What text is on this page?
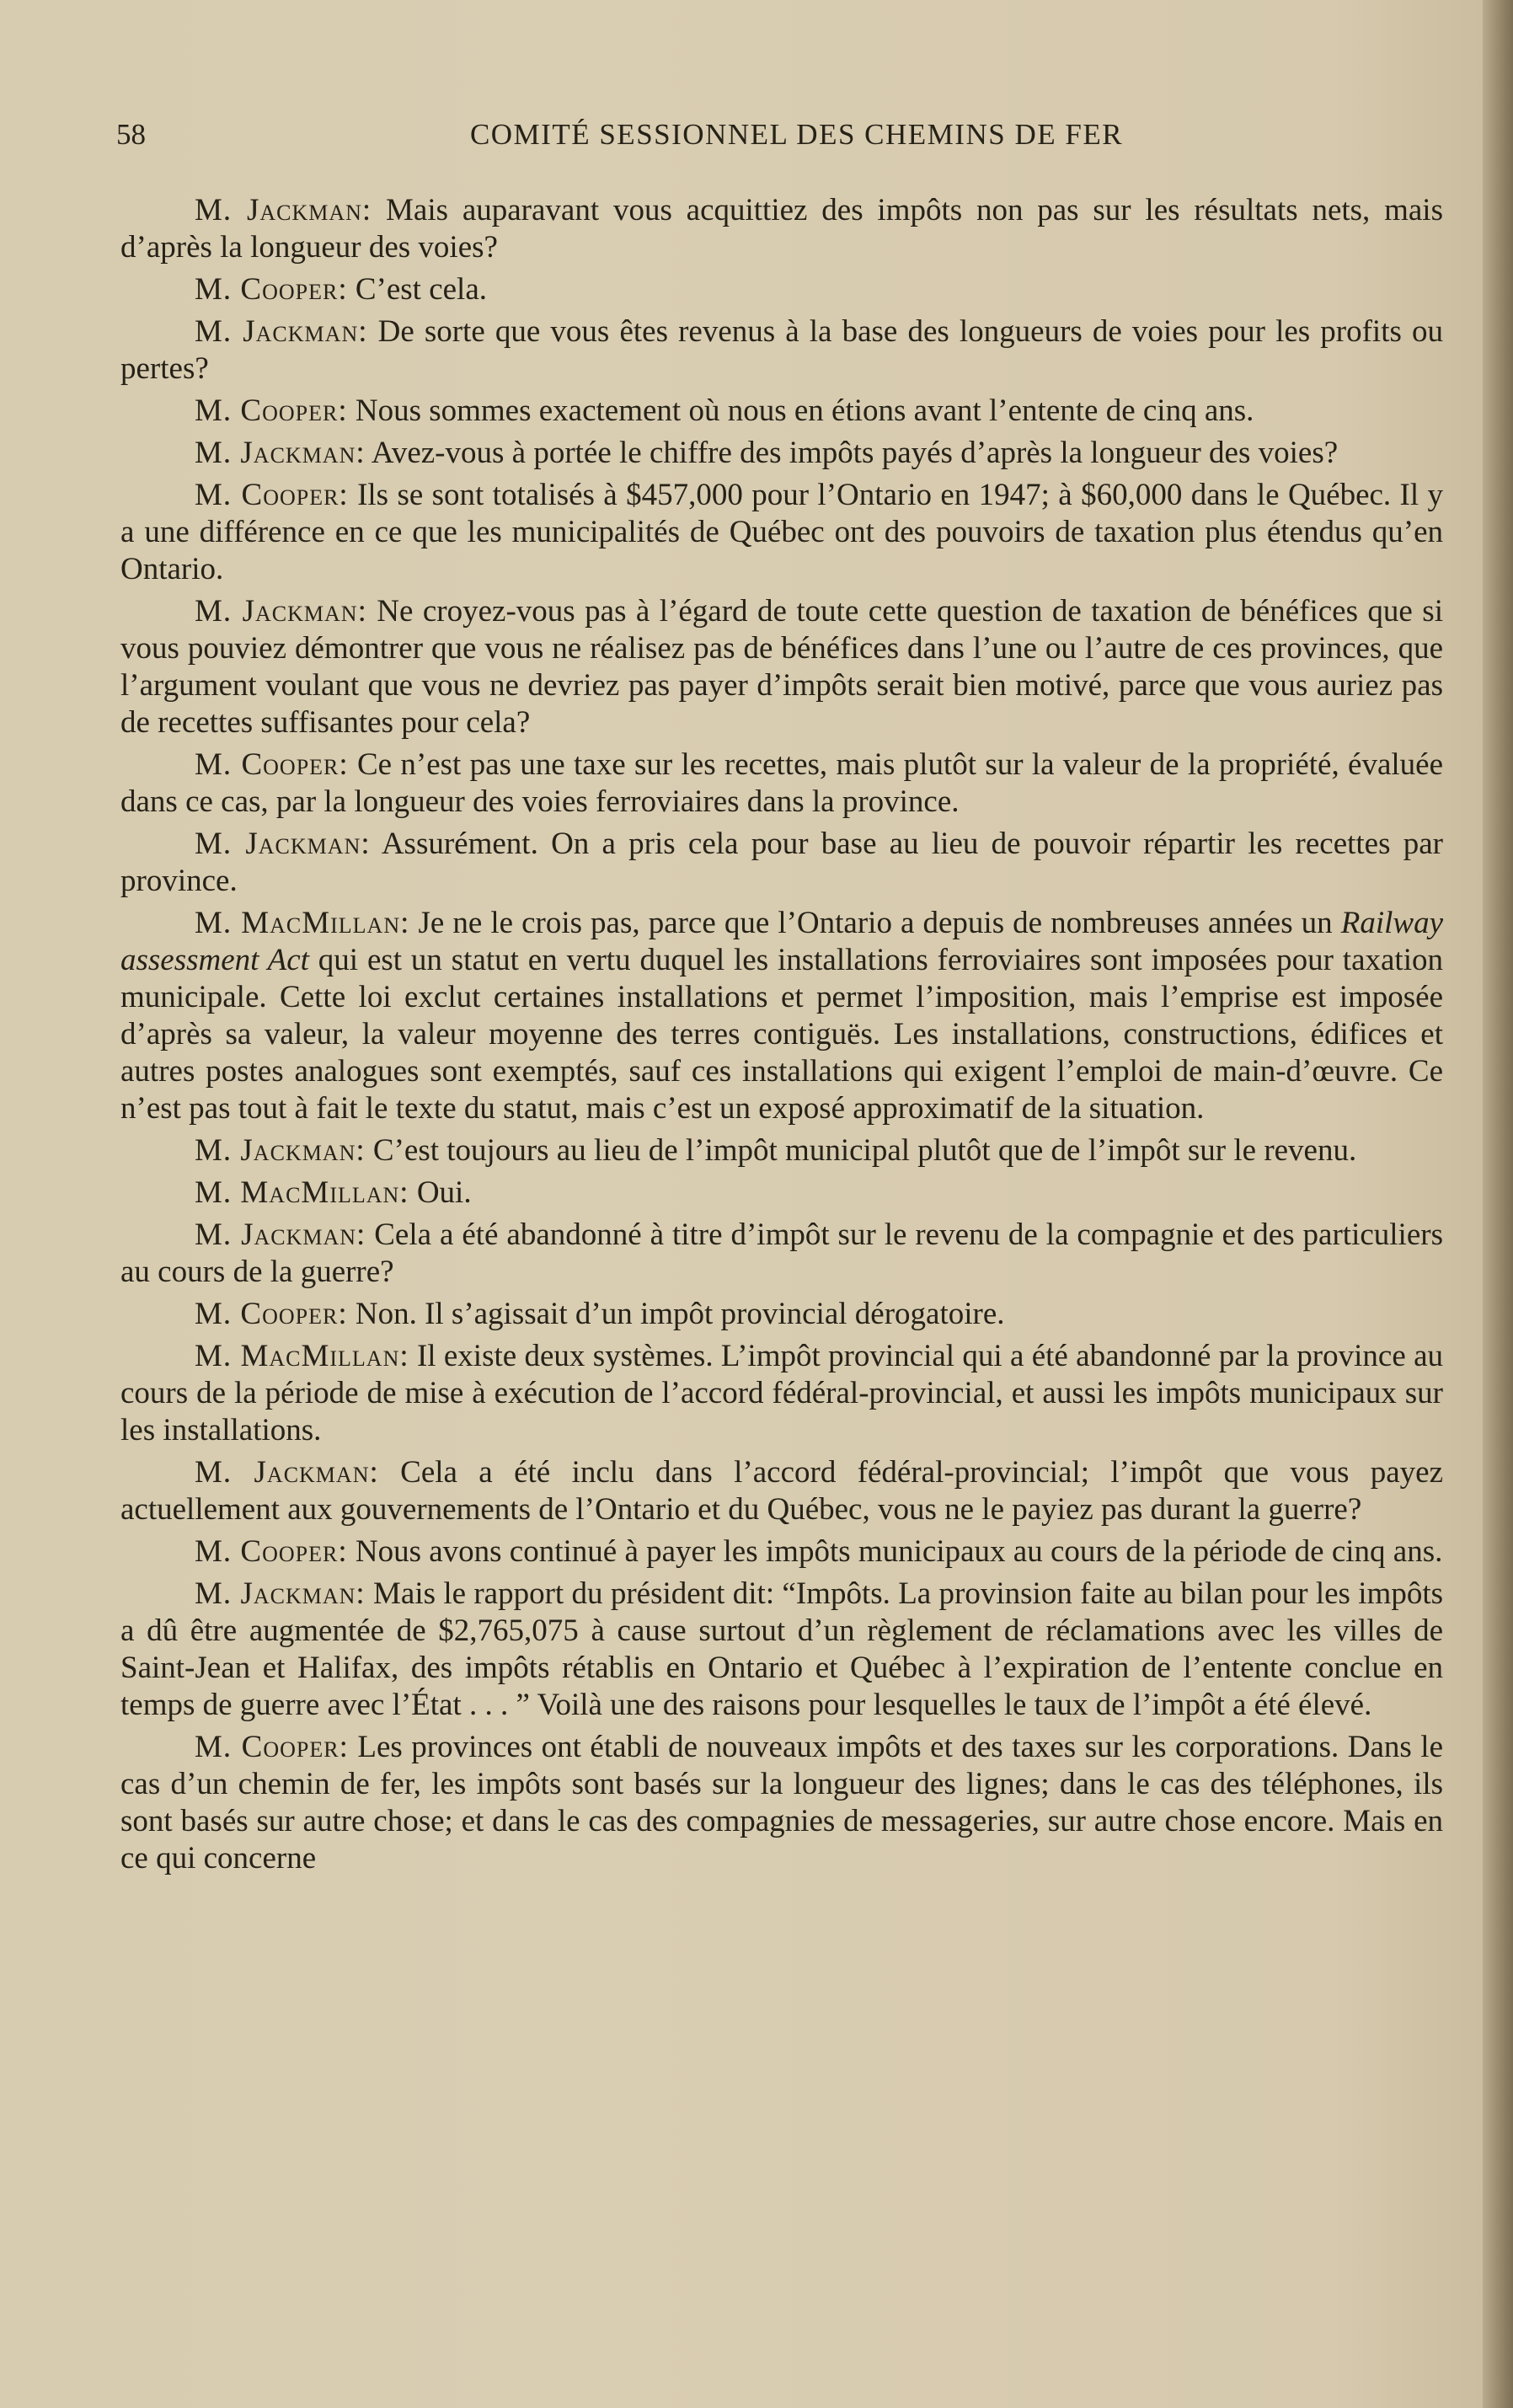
58	COMITÉ SESSIONNEL DES CHEMINS DE FER

M. Jackman: Mais auparavant vous acquittiez des impôts non pas sur les résultats nets, mais d’après la longueur des voies?

M. Cooper: C’est cela.

M. Jackman: De sorte que vous êtes revenus à la base des longueurs de voies pour les profits ou pertes?

M. Cooper: Nous sommes exactement où nous en étions avant l’entente de cinq ans.

M. Jackman: Avez-vous à portée le chiffre des impôts payés d’après la longueur des voies?

M. Cooper: Ils se sont totalisés à $457,000 pour l’Ontario en 1947; à $60,000 dans le Québec. Il y a une différence en ce que les municipalités de Québec ont des pouvoirs de taxation plus étendus qu’en Ontario.

M. Jackman: Ne croyez-vous pas à l’égard de toute cette question de taxation de bénéfices que si vous pouviez démontrer que vous ne réalisez pas de bénéfices dans l’une ou l’autre de ces provinces, que l’argument voulant que vous ne devriez pas payer d’impôts serait bien motivé, parce que vous auriez pas de recettes suffisantes pour cela?

M. Cooper: Ce n’est pas une taxe sur les recettes, mais plutôt sur la valeur de la propriété, évaluée dans ce cas, par la longueur des voies ferroviaires dans la province.

M. Jackman: Assurément. On a pris cela pour base au lieu de pouvoir répartir les recettes par province.

M. MacMillan: Je ne le crois pas, parce que l’Ontario a depuis de nombreuses années un Railway assessment Act qui est un statut en vertu duquel les installations ferroviaires sont imposées pour taxation municipale. Cette loi exclut certaines installations et permet l’imposition, mais l’emprise est imposée d’après sa valeur, la valeur moyenne des terres contiguës. Les installations, constructions, édifices et autres postes analogues sont exemptés, sauf ces installations qui exigent l’emploi de main-d’œuvre. Ce n’est pas tout à fait le texte du statut, mais c’est un exposé approximatif de la situation.

M. Jackman: C’est toujours au lieu de l’impôt municipal plutôt que de l’impôt sur le revenu.

M. MacMillan: Oui.

M. Jackman: Cela a été abandonné à titre d’impôt sur le revenu de la compagnie et des particuliers au cours de la guerre?

M. Cooper: Non. Il s’agissait d’un impôt provincial dérogatoire.

M. MacMillan: Il existe deux systèmes. L’impôt provincial qui a été abandonné par la province au cours de la période de mise à exécution de l’accord fédéral-provincial, et aussi les impôts municipaux sur les installations.

M. Jackman: Cela a été inclu dans l’accord fédéral-provincial; l’impôt que vous payez actuellement aux gouvernements de l’Ontario et du Québec, vous ne le payiez pas durant la guerre?

M. Cooper: Nous avons continué à payer les impôts municipaux au cours de la période de cinq ans.

M. Jackman: Mais le rapport du président dit: “Impôts. La provinsion faite au bilan pour les impôts a dû être augmentée de $2,765,075 à cause surtout d’un règlement de réclamations avec les villes de Saint-Jean et Halifax, des impôts rétablis en Ontario et Québec à l’expiration de l’entente conclue en temps de guerre avec l’État . . . ” Voilà une des raisons pour lesquelles le taux de l’impôt a été élevé.

M. Cooper: Les provinces ont établi de nouveaux impôts et des taxes sur les corporations. Dans le cas d’un chemin de fer, les impôts sont basés sur la longueur des lignes; dans le cas des téléphones, ils sont basés sur autre chose; et dans le cas des compagnies de messageries, sur autre chose encore. Mais en ce qui concerne
